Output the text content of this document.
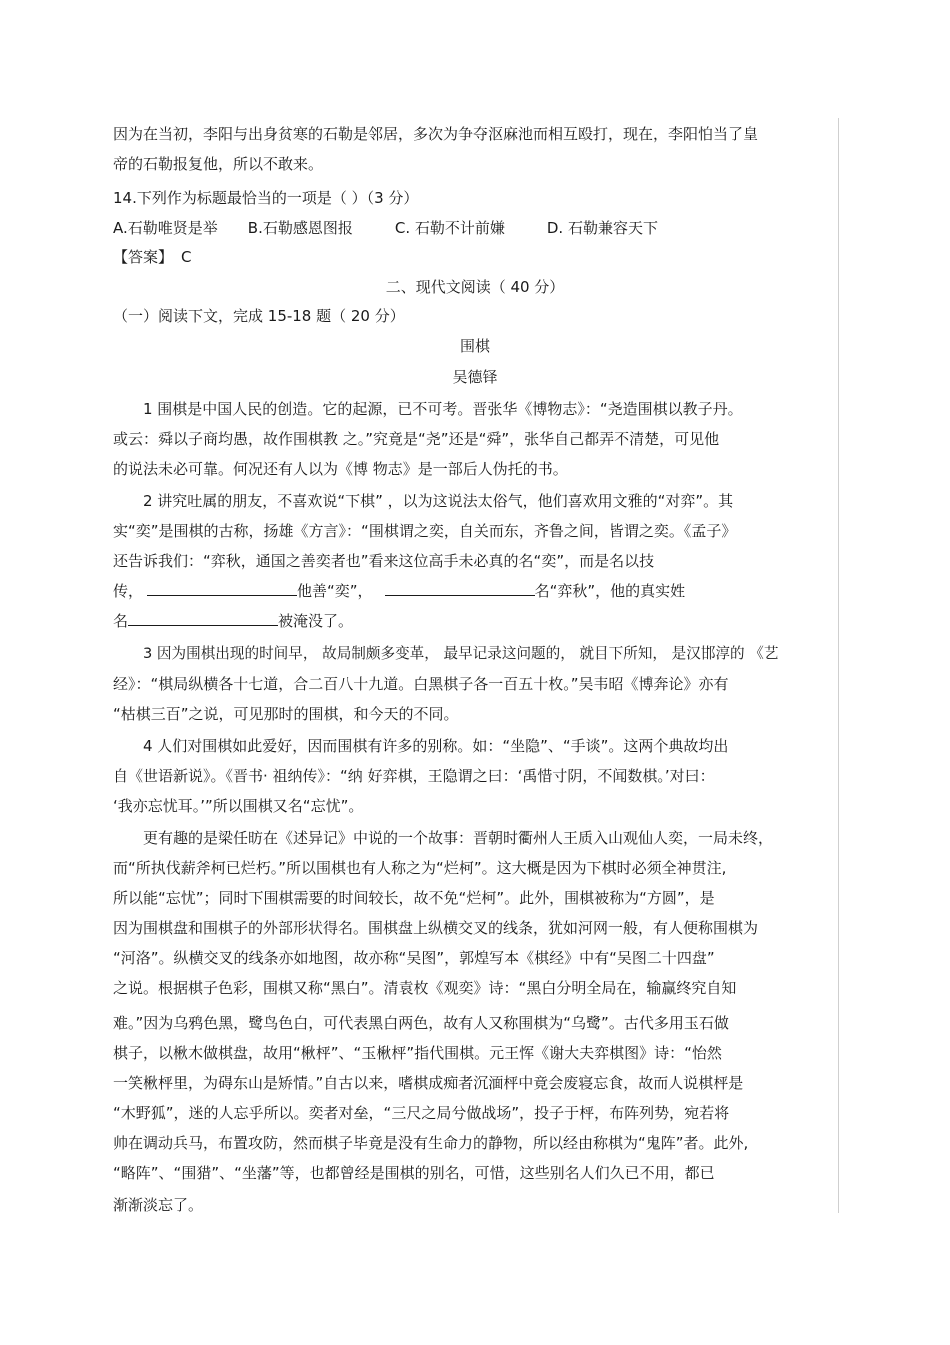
因为在当初，李阳与出身贫寒的石勒是邻居，多次为争夺沤麻池而相互殴打，现在，李阳怕当了皇
帝的石勒报复他，所以不敢来。
14.下列作为标题最恰当的一项是（ ）（3 分）
A.石勒唯贤是举 B.石勒感恩图报	C. 石勒不计前嫌	D. 石勒兼容天下
【答案】 C
二、现代文阅读（ 40 分）
（一）阅读下文，完成 15-18 题（ 20 分）
围棋
吴德铎
1 围棋是中国人民的创造。它的起源，已不可考。晋张华《博物志》：“尧造围棋以教子丹。
或云：舜以子商均愚，故作围棋教 之。”究竟是“尧”还是“舜”，张华自己都弄不清楚，可见他
的说法未必可靠。何况还有人以为《博 物志》是一部后人伪托的书。
2 讲究吐属的朋友，不喜欢说“下棋” ，以为这说法太俗气，他们喜欢用文雅的“对弈”。其
实“奕”是围棋的古称，扬雄《方言》：“围棋谓之奕，自关而东，齐鲁之间，皆谓之奕。《孟子》
还告诉我们：“弈秋，通国之善奕者也”看来这位高手未必真的名“奕”，而是名以技
传，	他善“奕”，	名“弈秋”，他的真实姓
名	被淹没了。
3 因为围棋出现的时间早， 故局制颇多变革， 最早记录这问题的， 就目下所知， 是汉邯淳的 《艺
经》：“棋局纵横各十七道，合二百八十九道。白黑棋子各一百五十枚。”吴韦昭《博奔论》亦有
“枯棋三百”之说，可见那时的围棋，和今天的不同。
4 人们对围棋如此爱好，因而围棋有许多的别称。如：“坐隐”、“手谈”。这两个典故均出
自《世语新说》。《晋书· 祖纳传》：“纳 好弈棋，王隐谓之曰：‘禹惜寸阴，不闻数棋。’对曰：
‘我亦忘忧耳。’”所以围棋又名“忘忧”。
更有趣的是梁任昉在《述异记》中说的一个故事：晋朝时衢州人王质入山观仙人奕，一局未终，
而“所执伐薪斧柯已烂朽。”所以围棋也有人称之为“烂柯”。这大概是因为下棋时必须全神贯注,
所以能“忘忧”；同时下围棋需要的时间较长，故不免“烂柯”。此外，围棋被称为“方圆”，是
因为围棋盘和围棋子的外部形状得名。围棋盘上纵横交叉的线条，犹如河网一般，有人便称围棋为
“河洛”。纵横交叉的线条亦如地图，故亦称“吴图”，郭煌写本《棋经》中有“吴图二十四盘”
之说。根据棋子色彩，围棋又称“黑白”。清袁枚《观奕》诗：“黑白分明全局在，输赢终究自知
难。”因为乌鸦色黑，鹭鸟色白，可代表黑白两色，故有人又称围棋为“乌鹭”。古代多用玉石做
棋子，以楸木做棋盘，故用“楸枰”、“玉楸枰”指代围棋。元王恽《谢大夫弈棋图》诗：“怡然
一笑楸枰里，为碍东山是矫情。”自古以来，嗜棋成痴者沉湎枰中竟会废寝忘食，故而人说棋枰是
“木野狐”，迷的人忘乎所以。奕者对垒，“三尺之局兮做战场”，投子于枰，布阵列势，宛若将
帅在调动兵马，布置攻防，然而棋子毕竟是没有生命力的静物，所以经由称棋为“鬼阵”者。此外,
“略阵”、“围猎”、“坐藩”等，也都曾经是围棋的别名，可惜，这些别名人们久已不用，都已
渐渐淡忘了。
